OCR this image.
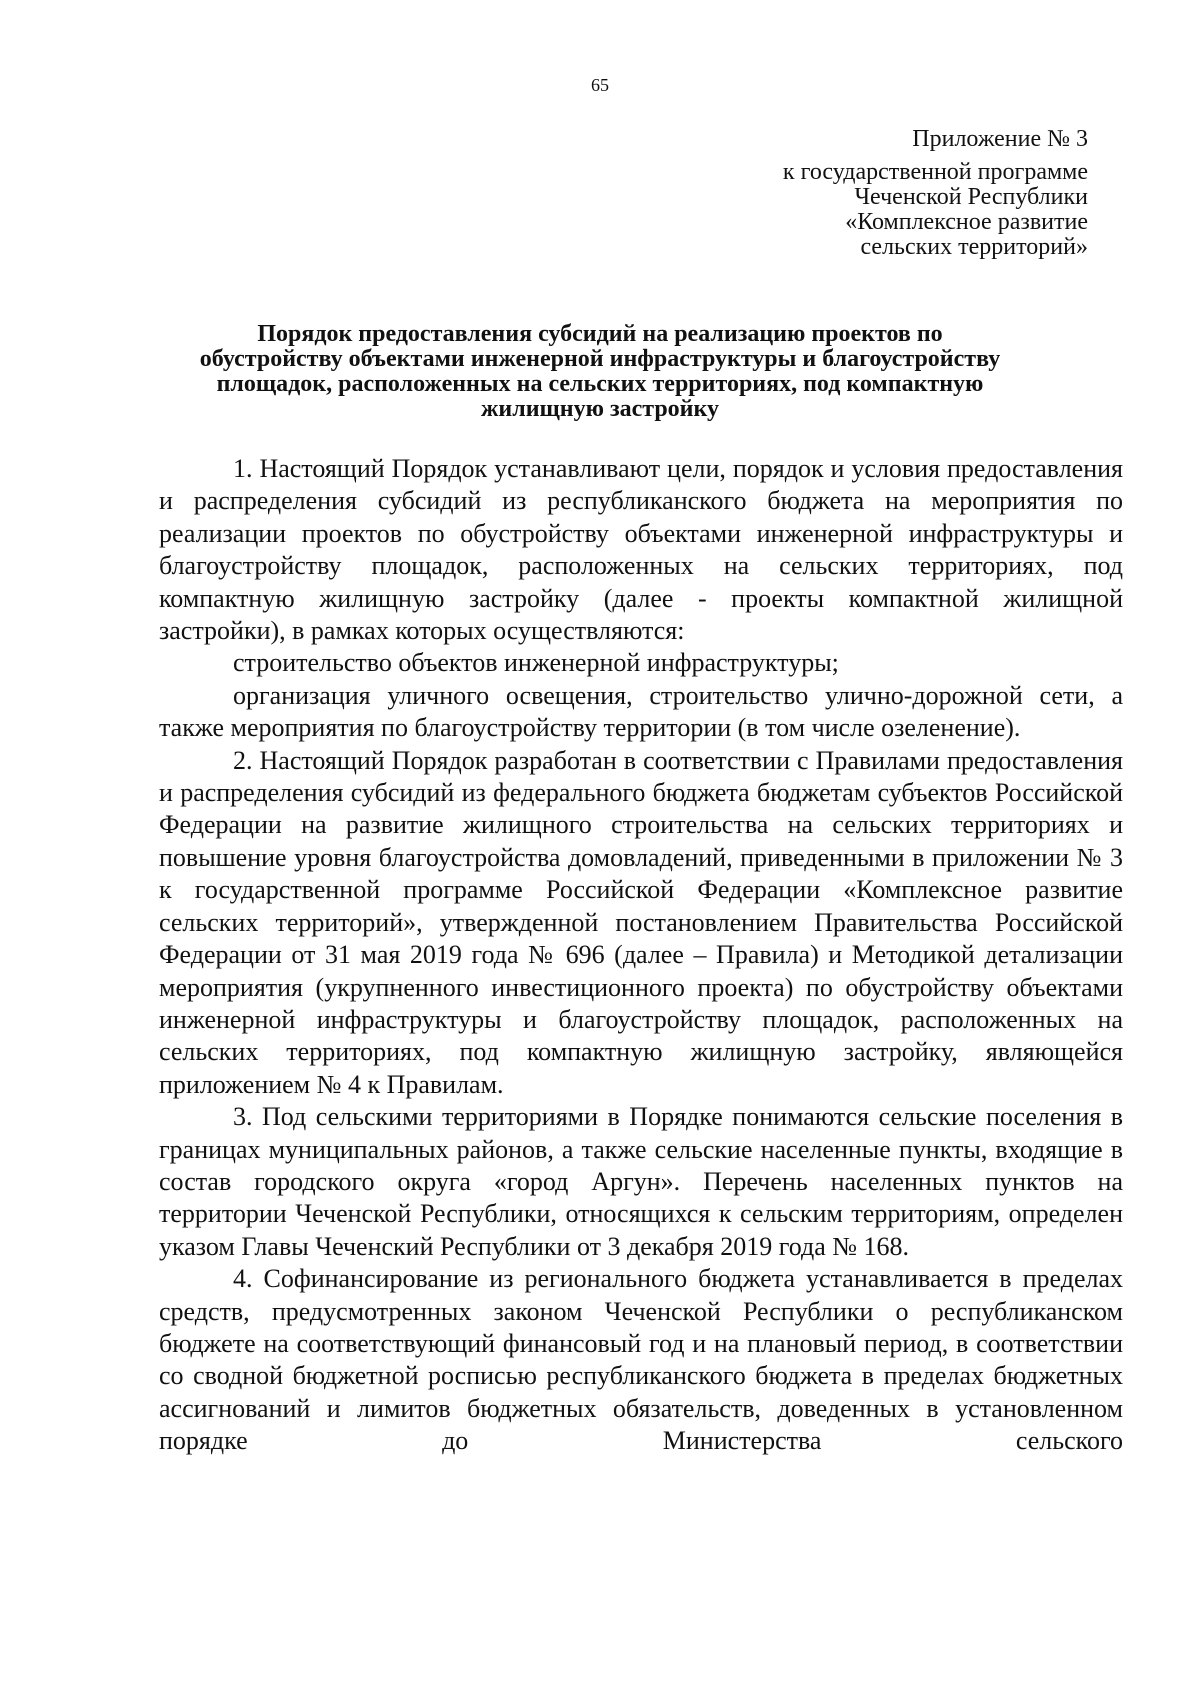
65
Приложение № 3
к государственной программе
Чеченской Республики
«Комплексное развитие
сельских территорий»
Порядок предоставления субсидий на реализацию проектов по
обустройству объектами инженерной инфраструктуры и благоустройству
площадок, расположенных на сельских территориях, под компактную
жилищную застройку

1. Настоящий Порядок устанавливают цели, порядок и условия предоставления и распределения субсидий из республиканского бюджета на мероприятия по реализации проектов по обустройству объектами инженерной инфраструктуры и благоустройству площадок, расположенных на сельских территориях, под компактную жилищную застройку (далее - проекты компактной жилищной застройки), в рамках которых осуществляются:

строительство объектов инженерной инфраструктуры;

организация уличного освещения, строительство улично-дорожной сети, а также мероприятия по благоустройству территории (в том числе озеленение).

2. Настоящий Порядок разработан в соответствии с Правилами предоставления и распределения субсидий из федерального бюджета бюджетам субъектов Российской Федерации на развитие жилищного строительства на сельских территориях и повышение уровня благоустройства домовладений, приведенными в приложении № 3 к государственной программе Российской Федерации «Комплексное развитие сельских территорий», утвержденной постановлением Правительства Российской Федерации от 31 мая 2019 года № 696 (далее – Правила) и Методикой детализации мероприятия (укрупненного инвестиционного проекта) по обустройству объектами инженерной инфраструктуры и благоустройству площадок, расположенных на сельских территориях, под компактную жилищную застройку, являющейся приложением № 4 к Правилам.

3. Под сельскими территориями в Порядке понимаются сельские поселения в границах муниципальных районов, а также сельские населенные пункты, входящие в состав городского округа «город Аргун». Перечень населенных пунктов на территории Чеченской Республики, относящихся к сельским территориям, определен указом Главы Чеченский Республики от 3 декабря 2019 года № 168.

4. Софинансирование из регионального бюджета устанавливается в пределах средств, предусмотренных законом Чеченской Республики о республиканском бюджете на соответствующий финансовый год и на плановый период, в соответствии со сводной бюджетной росписью республиканского бюджета в пределах бюджетных ассигнований и лимитов бюджетных обязательств, доведенных в установленном порядке до Министерства сельского
